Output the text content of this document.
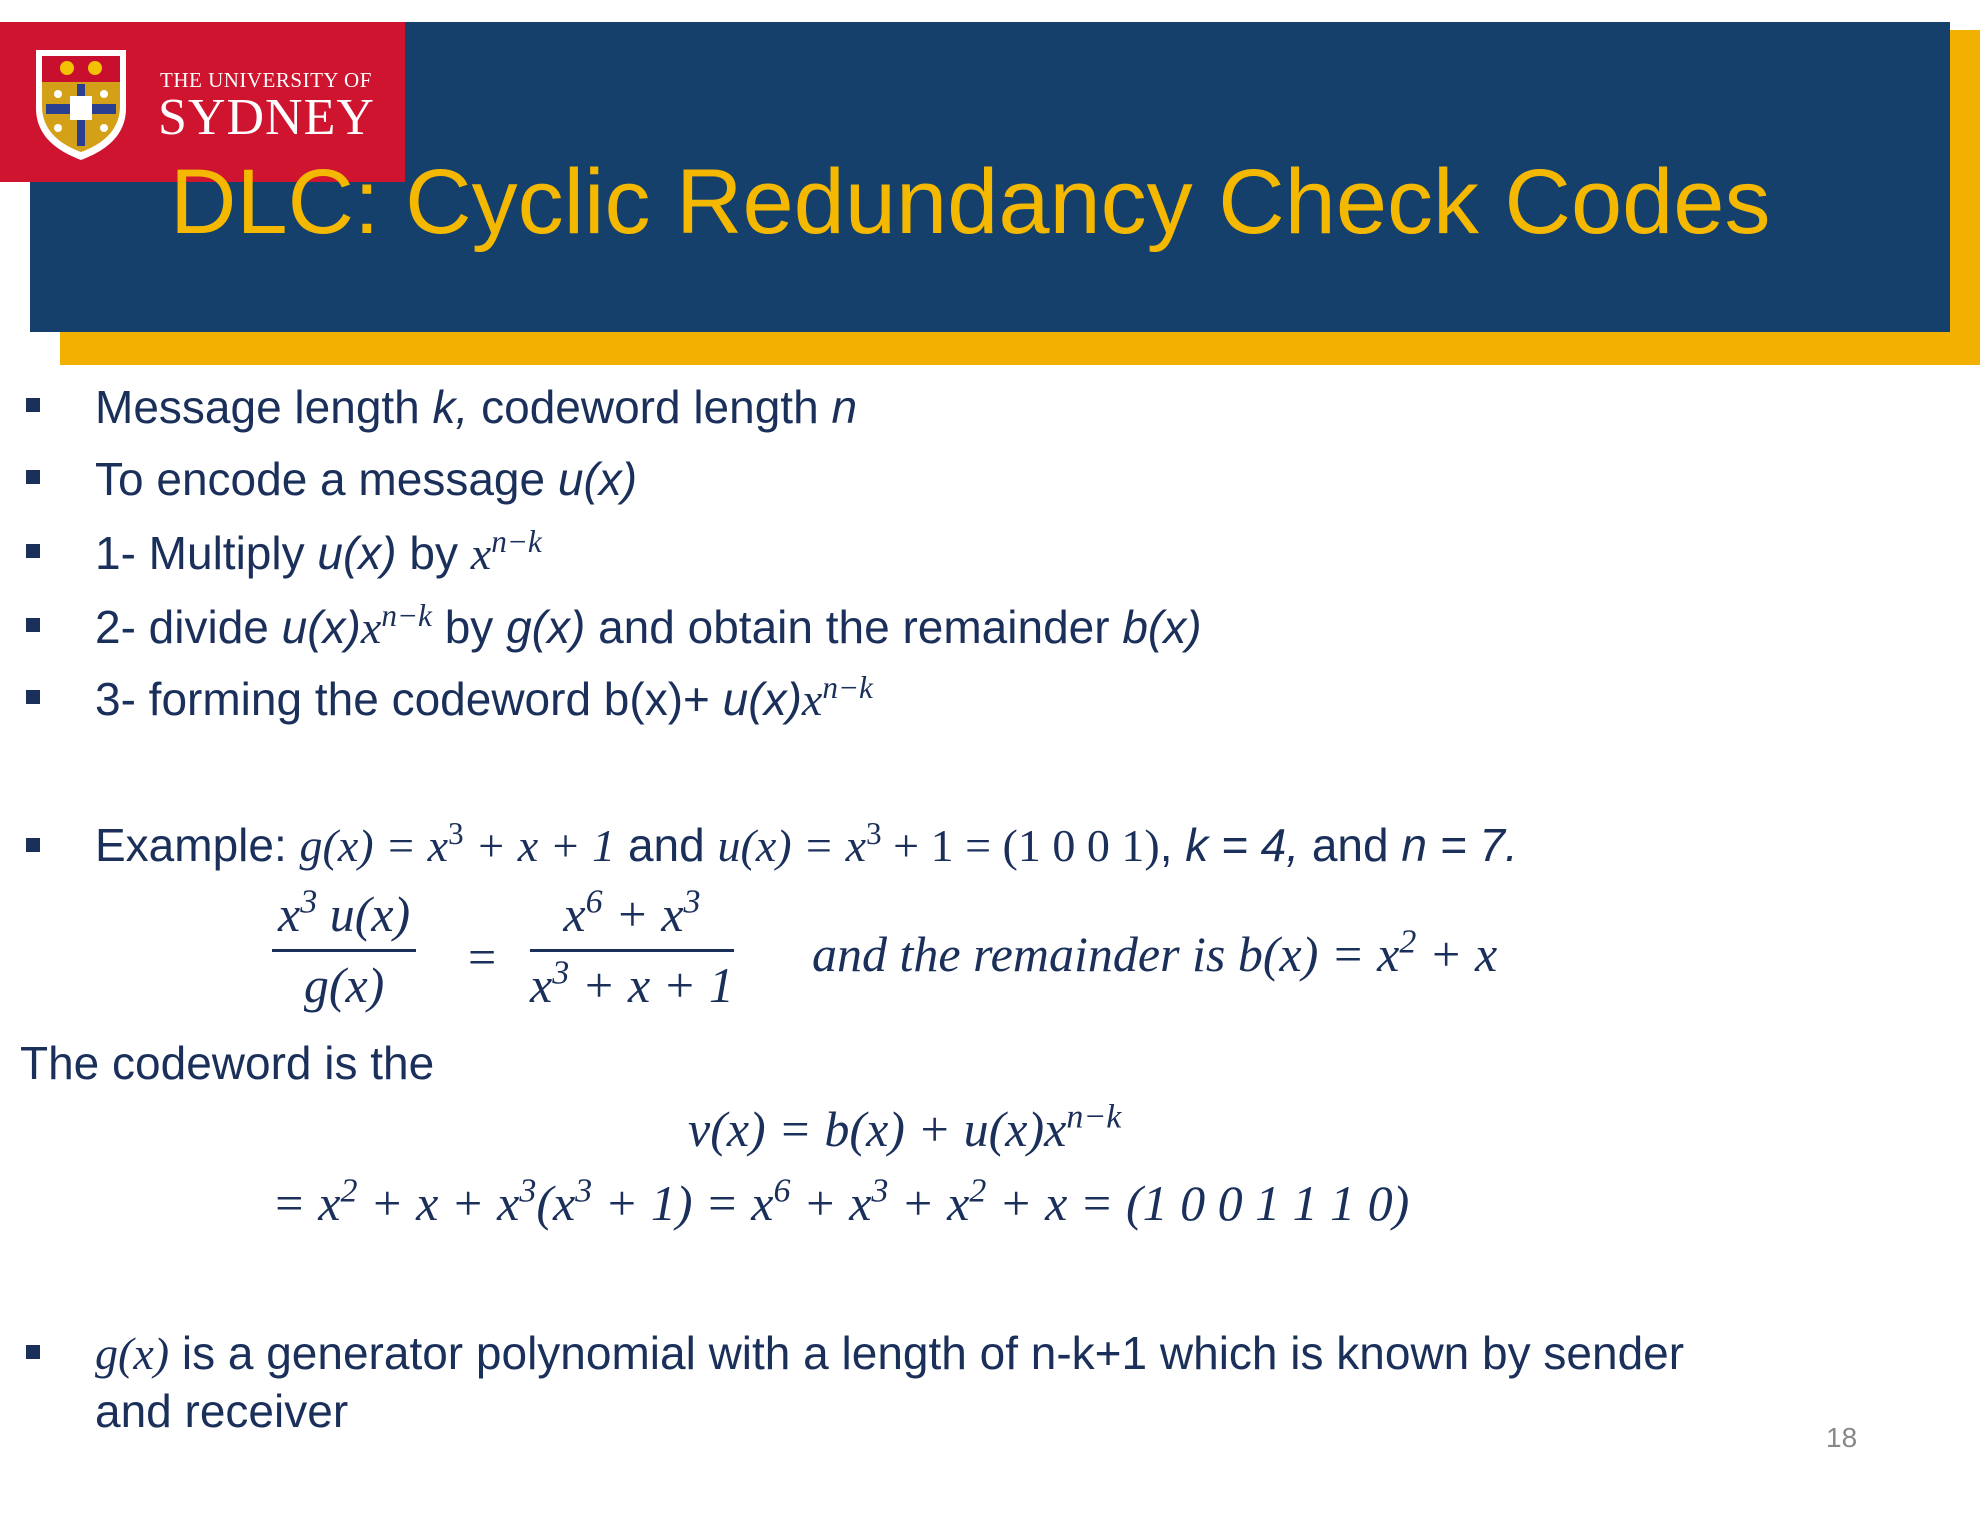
THE UNIVERSITY OF
SYDNEY
DLC: Cyclic Redundancy Check Codes
Message length k, codeword length n
To encode a message u(x)
1- Multiply u(x) by $x^{n-k}$
2- divide $u(x)x^{n-k}$ by g(x) and obtain the remainder b(x)
3- forming the codeword $b(x)+ u(x)x^{n-k}$
Example: $g(x) = x^3 + x + 1$ and $u(x) = x^3 + 1 = (1$ 0 0 1), k = 4, and n = 7.
$\frac{x^3 u(x)}{g(x)} = \frac{x^6 + x^3}{x^3 + x + 1}$ and the remainder is $b(x) = x^2 + x$
The codeword is the
$v(x) = b(x) + u(x)x^{n-k}$
= $x^2 + x + x^3(x^3 + 1) = x^6 + x^3 + x^2 + x = (1$ 0 0 1 1 1 0)
g(x) is a generator polynomial with a length of n-k+1 which is known by sender
and receiver
18
